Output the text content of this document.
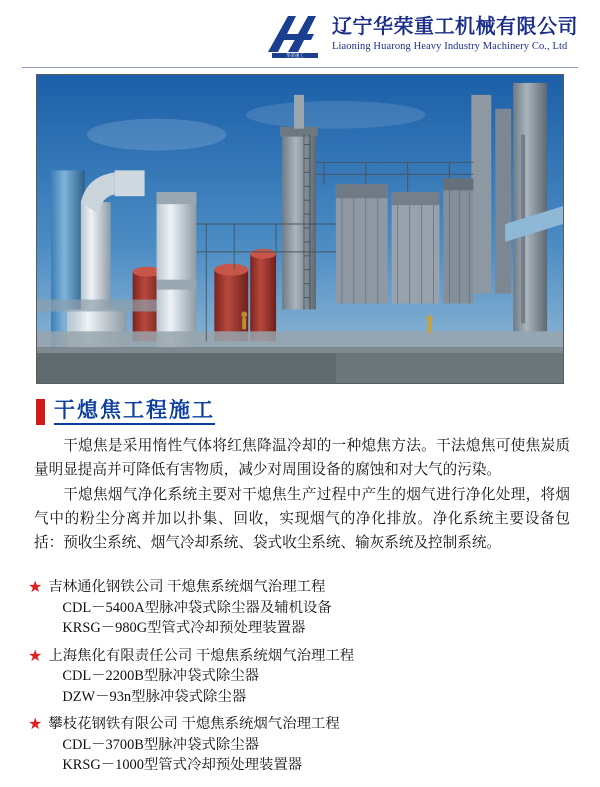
华荣重工
辽宁华荣重工机械有限公司
Liaoning Huarong Heavy Industry Machinery Co., Ltd
干熄焦工程施工

干熄焦是采用惰性气体将红焦降温冷却的一种熄焦方法。干法熄焦可使焦炭质量明显提高并可降低有害物质，减少对周围设备的腐蚀和对大气的污染。

干熄焦烟气净化系统主要对干熄焦生产过程中产生的烟气进行净化处理，将烟气中的粉尘分离并加以扑集、回收，实现烟气的净化排放。净化系统主要设备包括：预收尘系统、烟气冷却系统、袋式收尘系统、输灰系统及控制系统。

★ 吉林通化钢铁公司 干熄焦系统烟气治理工程
CDL－5400A型脉冲袋式除尘器及辅机设备
KRSG－980G型管式冷却预处理装置器
★ 上海焦化有限责任公司 干熄焦系统烟气治理工程
CDL－2200B型脉冲袋式除尘器
DZW－93n型脉冲袋式除尘器
★ 攀枝花钢铁有限公司 干熄焦系统烟气治理工程
CDL－3700B型脉冲袋式除尘器
KRSG－1000型管式冷却预处理装置器
